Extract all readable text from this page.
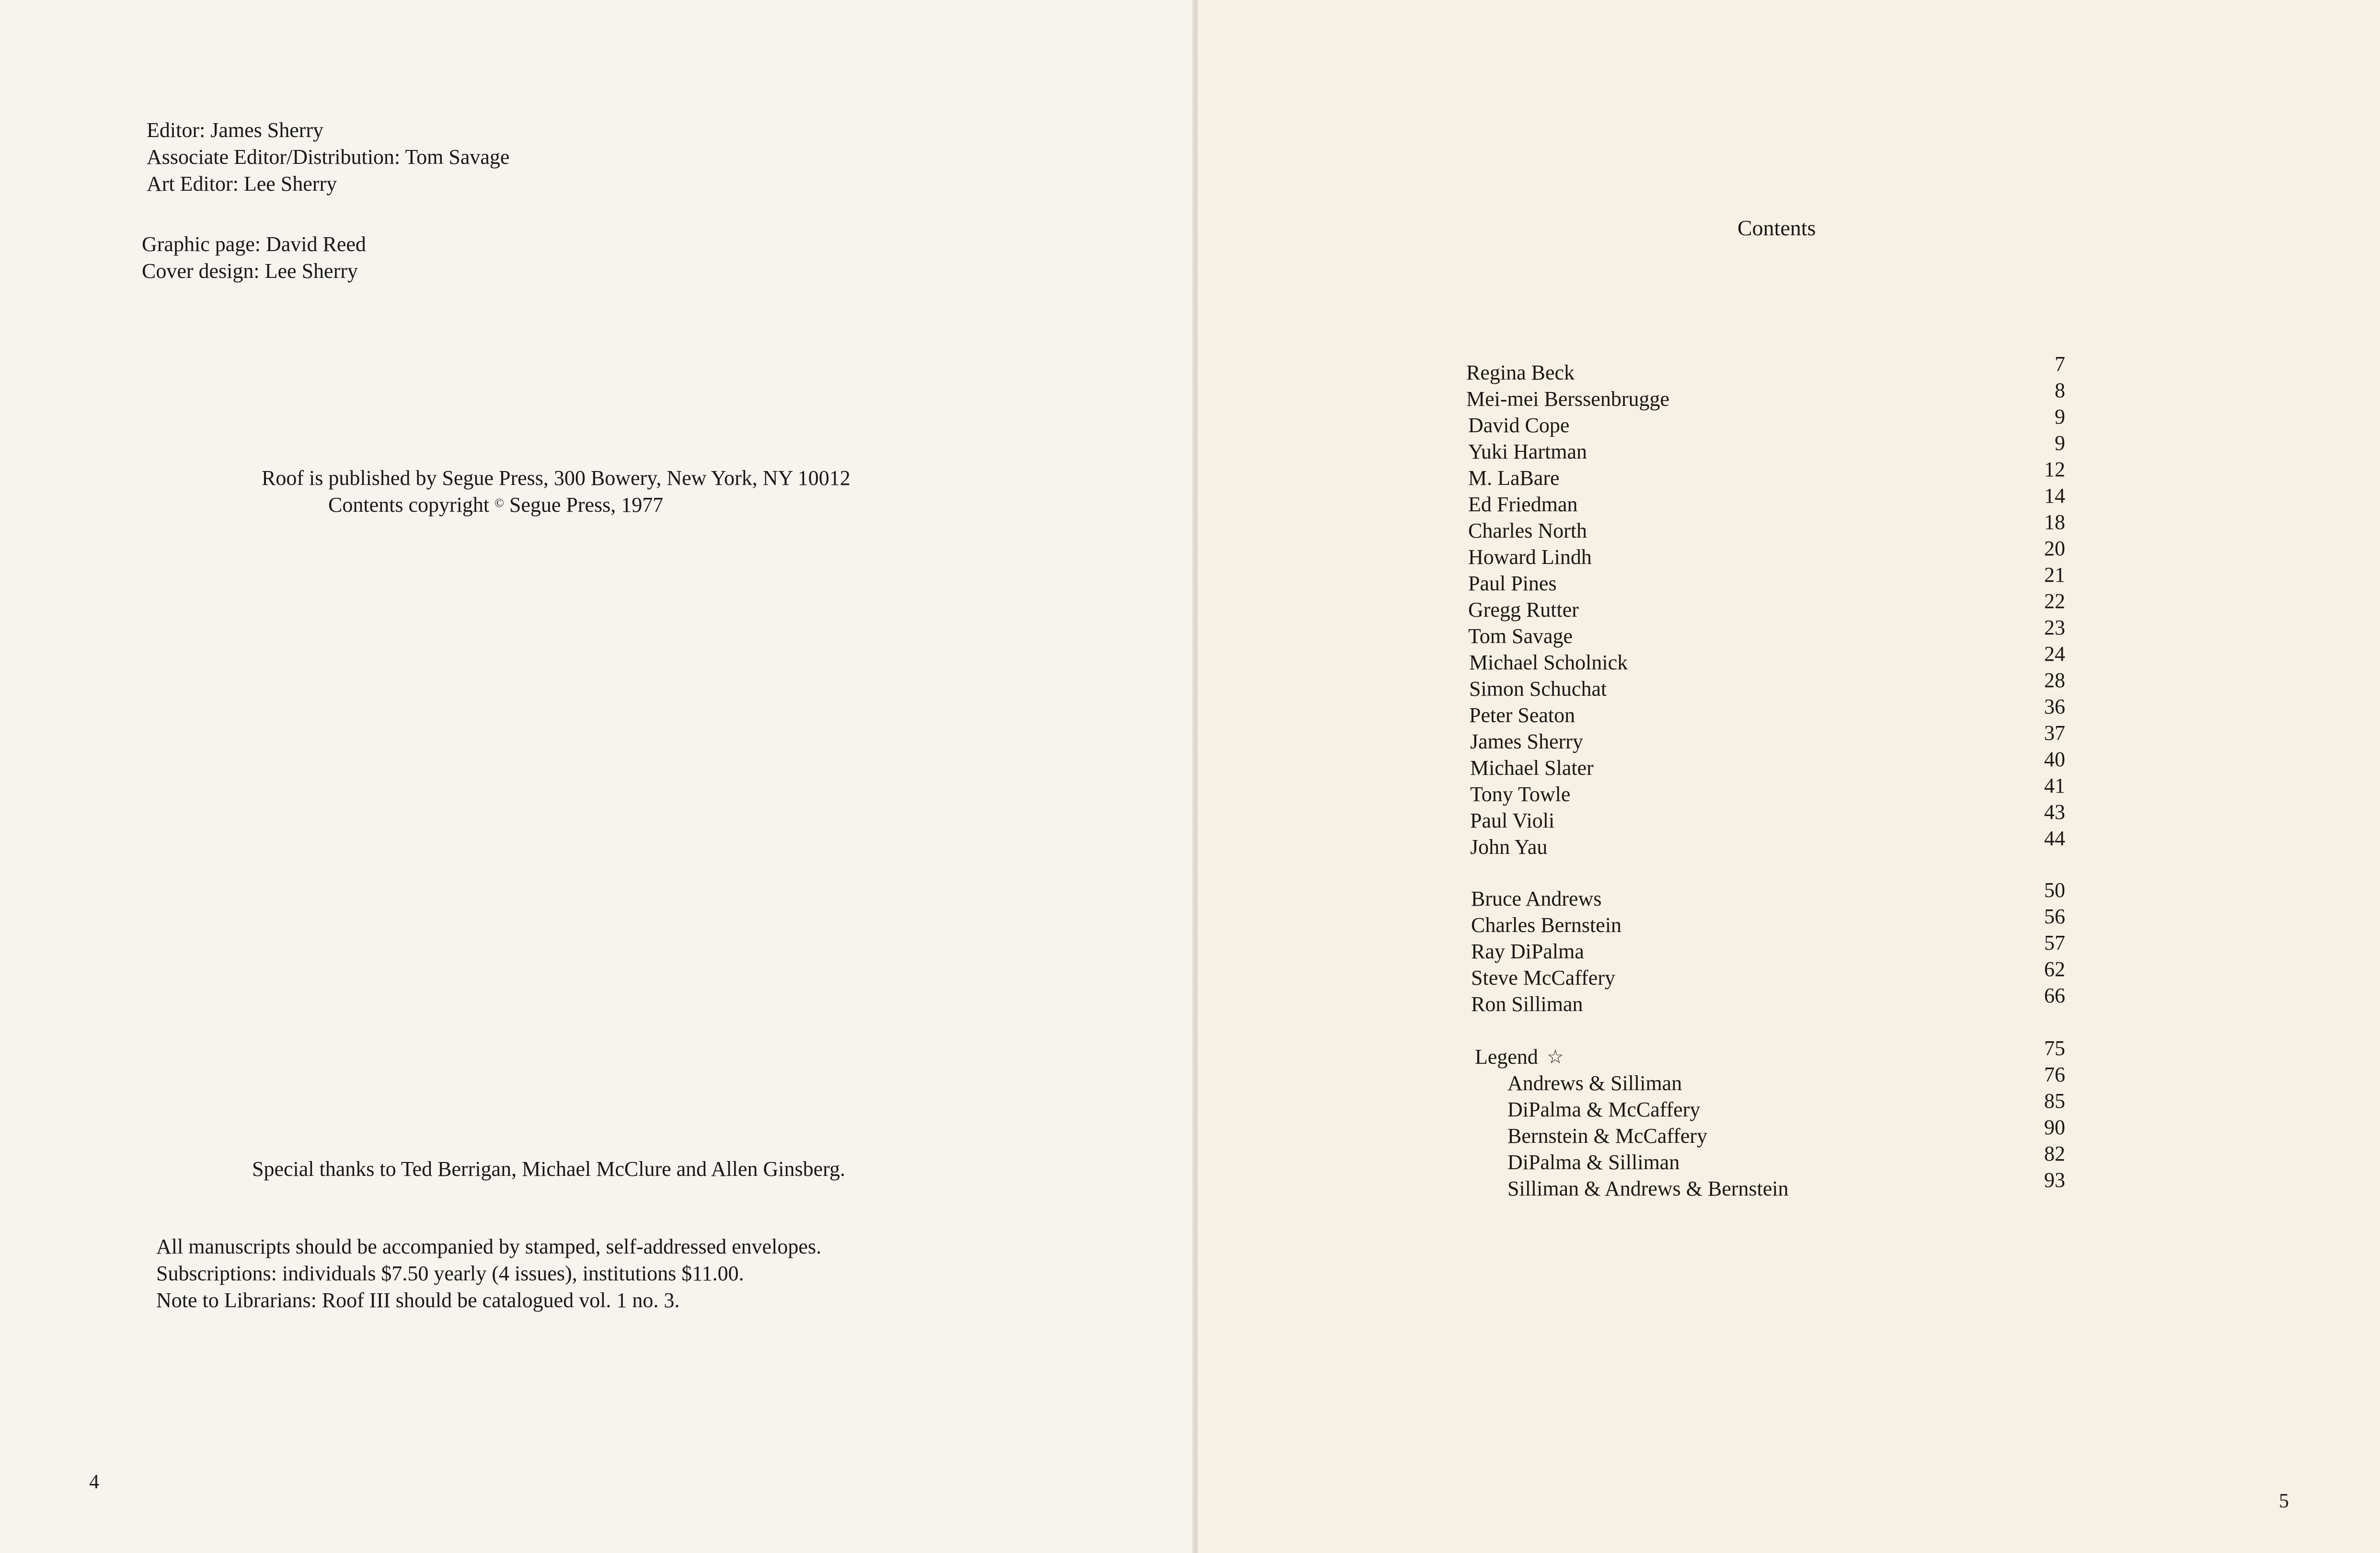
Editor: James Sherry
Associate Editor/Distribution: Tom Savage
Art Editor: Lee Sherry
Graphic page: David Reed
Cover design: Lee Sherry
Roof is published by Segue Press, 300 Bowery, New York, NY 10012
Contents copyright © Segue Press, 1977
Special thanks to Ted Berrigan, Michael McClure and Allen Ginsberg.
All manuscripts should be accompanied by stamped, self-addressed envelopes.
Subscriptions: individuals $7.50 yearly (4 issues), institutions $11.00.
Note to Librarians: Roof III should be catalogued vol. 1 no. 3.
4
Contents
Regina Beck	7
Mei-mei Berssenbrugge	8
David Cope	9
Yuki Hartman	9
M. LaBare	12
Ed Friedman	14
Charles North	18
Howard Lindh	20
Paul Pines	21
Gregg Rutter	22
Tom Savage	23
Michael Scholnick	24
Simon Schuchat	28
Peter Seaton	36
James Sherry	37
Michael Slater	40
Tony Towle	41
Paul Violi	43
John Yau	44
Bruce Andrews	50
Charles Bernstein	56
Ray DiPalma	57
Steve McCaffery	62
Ron Silliman	66
Legend ☆	75
Andrews & Silliman	76
DiPalma & McCaffery	85
Bernstein & McCaffery	90
DiPalma & Silliman	82
Silliman & Andrews & Bernstein	93
5
